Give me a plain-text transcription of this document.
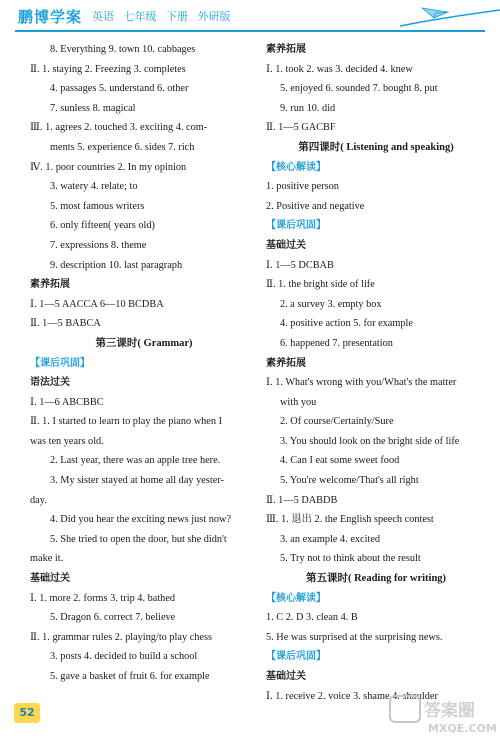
鹏博学案 英语 七年级 下册 外研版
8. Everything 9. town 10. cabbages
Ⅱ. 1. staying 2. Freezing 3. completes
4. passages 5. understand 6. other
7. sunless 8. magical
Ⅲ. 1. agrees 2. touched 3. exciting 4. com-
ments 5. experience 6. sides 7. rich
Ⅳ. 1. poor countries 2. In my opinion
3. watery 4. relate; to
5. most famous writers
6. only fifteen( years old)
7. expressions 8. theme
9. description 10. last paragraph
素养拓展
Ⅰ. 1—5 AACCA 6—10 BCDBA
Ⅱ. 1—5 BABCA
第三课时( Grammar)
【课后巩固】
语法过关
Ⅰ. 1—6 ABCBBC
Ⅱ. 1. I started to learn to play the piano when I
was ten years old.
2. Last year, there was an apple tree here.
3. My sister stayed at home all day yester-
day.
4. Did you hear the exciting news just now?
5. She tried to open the door, but she didn't
make it.
基础过关
Ⅰ. 1. more 2. forms 3. trip 4. bathed
5. Dragon 6. correct 7. believe
Ⅱ. 1. grammar rules 2. playing/to play chess
3. posts 4. decided to build a school
5. gave a basket of fruit 6. for example
素养拓展
Ⅰ. 1. took 2. was 3. decided 4. knew
5. enjoyed 6. sounded 7. bought 8. put
9. run 10. did
Ⅱ. 1—5 GACBF
第四课时( Listening and speaking)
【核心解读】
1. positive person
2. Positive and negative
【课后巩固】
基础过关
Ⅰ. 1—5 DCBAB
Ⅱ. 1. the bright side of life
2. a survey 3. empty box
4. positive action 5. for example
6. happened 7. presentation
素养拓展
Ⅰ. 1. What's wrong with you/What's the matter
with you
2. Of course/Certainly/Sure
3. You should look on the bright side of life
4. Can I eat some sweet food
5. You're welcome/That's all right
Ⅱ. 1—5 DABDB
Ⅲ. 1. 退出 2. the English speech contest
3. an example 4. excited
5. Try not to think about the result
第五课时( Reading for writing)
【核心解读】
1. C 2. D 3. clean 4. B
5. He was surprised at the surprising news.
【课后巩固】
基础过关
Ⅰ. 1. receive 2. voice 3. shame 4. shoulder
52	答案圈
MXQE.COM
